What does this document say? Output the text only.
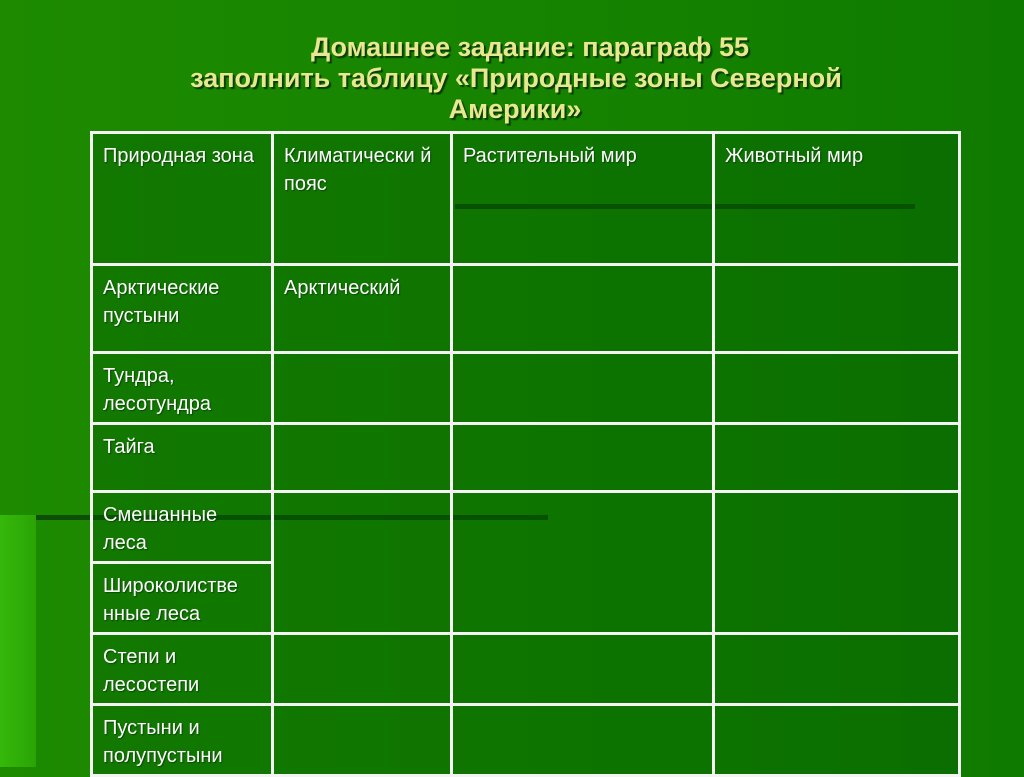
Домашнее задание: параграф 55
заполнить таблицу «Природные зоны Северной
Америки»
Природная зона	Климатически й пояс	Растительный мир	Животный мир
Арктические пустыни	Арктический		
Тундра, лесотундра			
Тайга			
Смешанные леса			
Широколистве нные леса			
Степи и лесостепи			
Пустыни и полупустыни			
